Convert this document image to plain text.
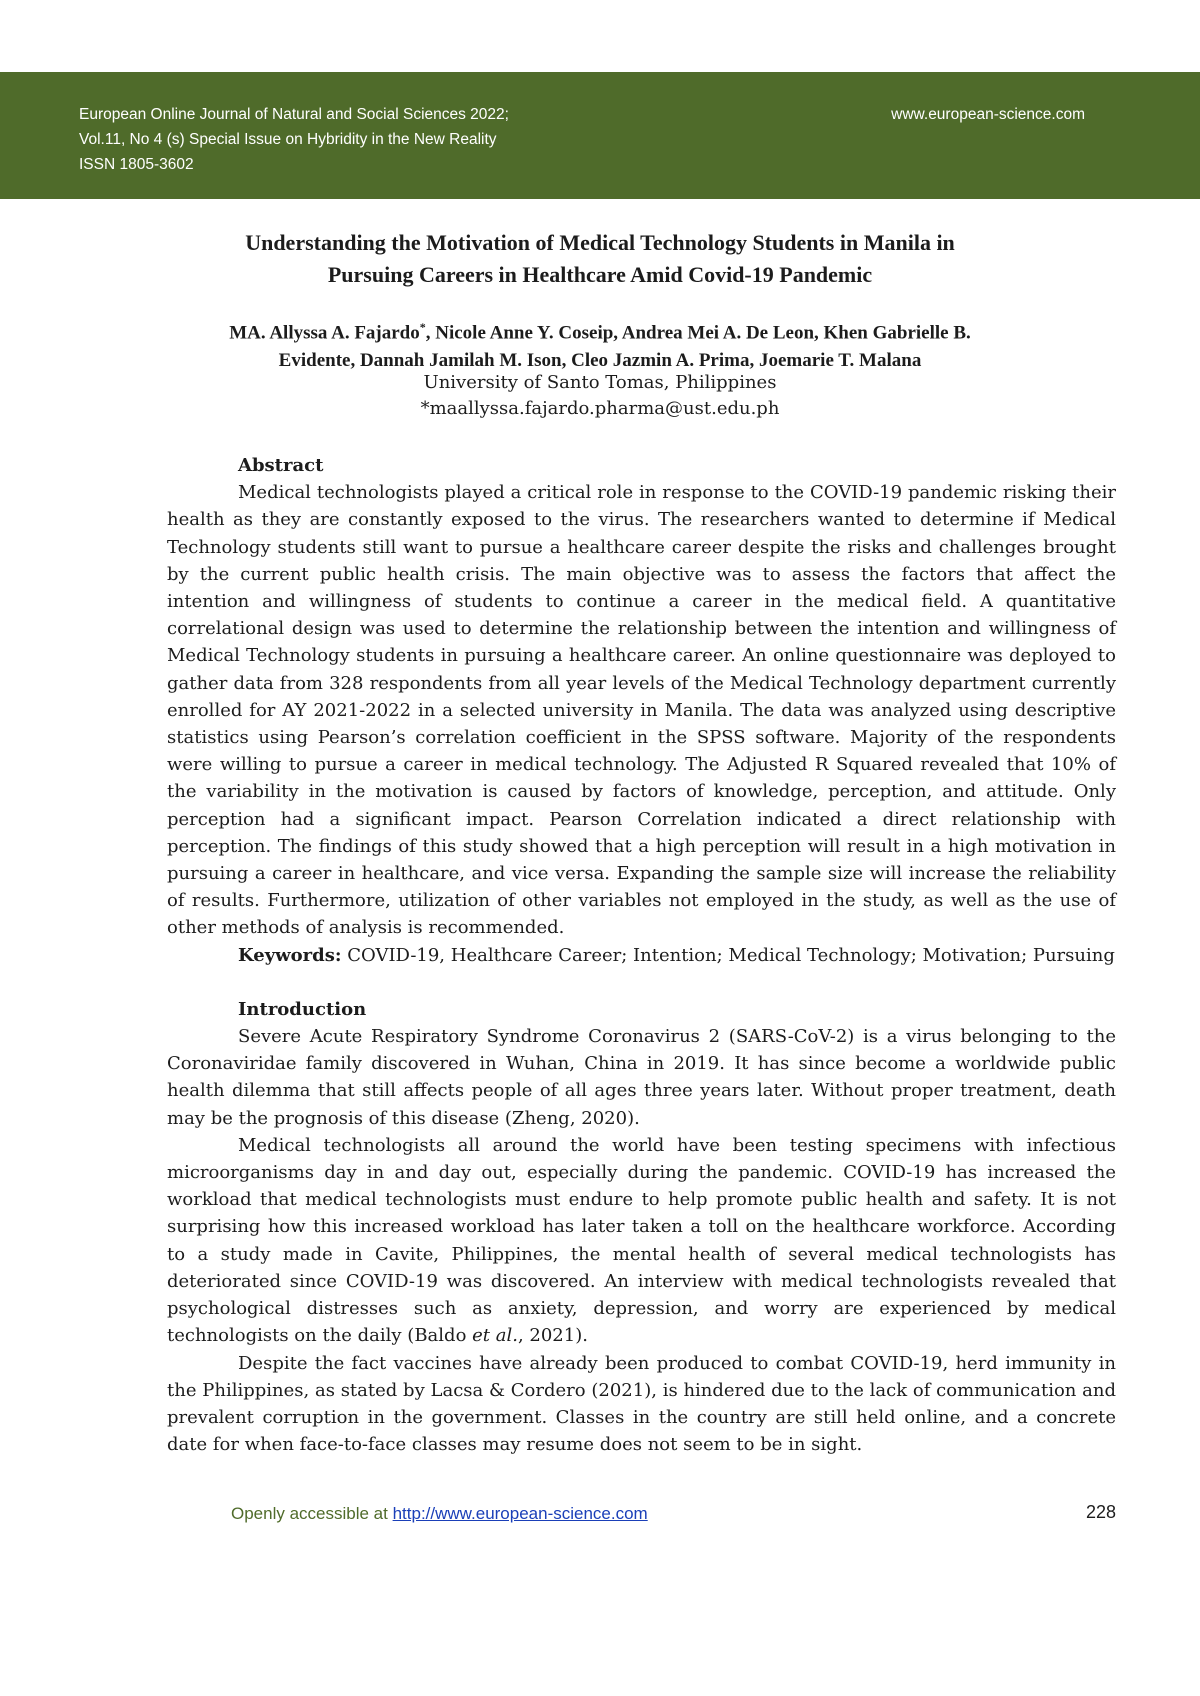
European Online Journal of Natural and Social Sciences 2022;
Vol.11, No 4 (s) Special Issue on Hybridity in the New Reality
ISSN 1805-3602
www.european-science.com
Understanding the Motivation of Medical Technology Students in Manila in
Pursuing Careers in Healthcare Amid Covid-19 Pandemic
MA. Allyssa A. Fajardo*, Nicole Anne Y. Coseip, Andrea Mei A. De Leon, Khen Gabrielle B.
Evidente, Dannah Jamilah M. Ison, Cleo Jazmin A. Prima, Joemarie T. Malana
University of Santo Tomas, Philippines
*maallyssa.fajardo.pharma@ust.edu.ph

Abstract

Medical technologists played a critical role in response to the COVID-19 pandemic risking their health as they are constantly exposed to the virus. The researchers wanted to determine if Medical Technology students still want to pursue a healthcare career despite the risks and challenges brought by the current public health crisis. The main objective was to assess the factors that affect the intention and willingness of students to continue a career in the medical field. A quantitative correlational design was used to determine the relationship between the intention and willingness of Medical Technology students in pursuing a healthcare career. An online questionnaire was deployed to gather data from 328 respondents from all year levels of the Medical Technology department currently enrolled for AY 2021-2022 in a selected university in Manila. The data was analyzed using descriptive statistics using Pearson’s correlation coefficient in the SPSS software. Majority of the respondents were willing to pursue a career in medical technology. The Adjusted R Squared revealed that 10% of the variability in the motivation is caused by factors of knowledge, perception, and attitude. Only perception had a significant impact. Pearson Correlation indicated a direct relationship with perception. The findings of this study showed that a high perception will result in a high motivation in pursuing a career in healthcare, and vice versa. Expanding the sample size will increase the reliability of results. Furthermore, utilization of other variables not employed in the study, as well as the use of other methods of analysis is recommended.

Keywords: COVID-19, Healthcare Career; Intention; Medical Technology; Motivation; Pursuing

Introduction

Severe Acute Respiratory Syndrome Coronavirus 2 (SARS-CoV-2) is a virus belonging to the Coronaviridae family discovered in Wuhan, China in 2019. It has since become a worldwide public health dilemma that still affects people of all ages three years later. Without proper treatment, death may be the prognosis of this disease (Zheng, 2020).

Medical technologists all around the world have been testing specimens with infectious microorganisms day in and day out, especially during the pandemic. COVID-19 has increased the workload that medical technologists must endure to help promote public health and safety. It is not surprising how this increased workload has later taken a toll on the healthcare workforce. According to a study made in Cavite, Philippines, the mental health of several medical technologists has deteriorated since COVID-19 was discovered. An interview with medical technologists revealed that psychological distresses such as anxiety, depression, and worry are experienced by medical technologists on the daily (Baldo et al., 2021).

Despite the fact vaccines have already been produced to combat COVID-19, herd immunity in the Philippines, as stated by Lacsa & Cordero (2021), is hindered due to the lack of communication and prevalent corruption in the government. Classes in the country are still held online, and a concrete date for when face-to-face classes may resume does not seem to be in sight.

Openly accessible at http://www.european-science.com	228
